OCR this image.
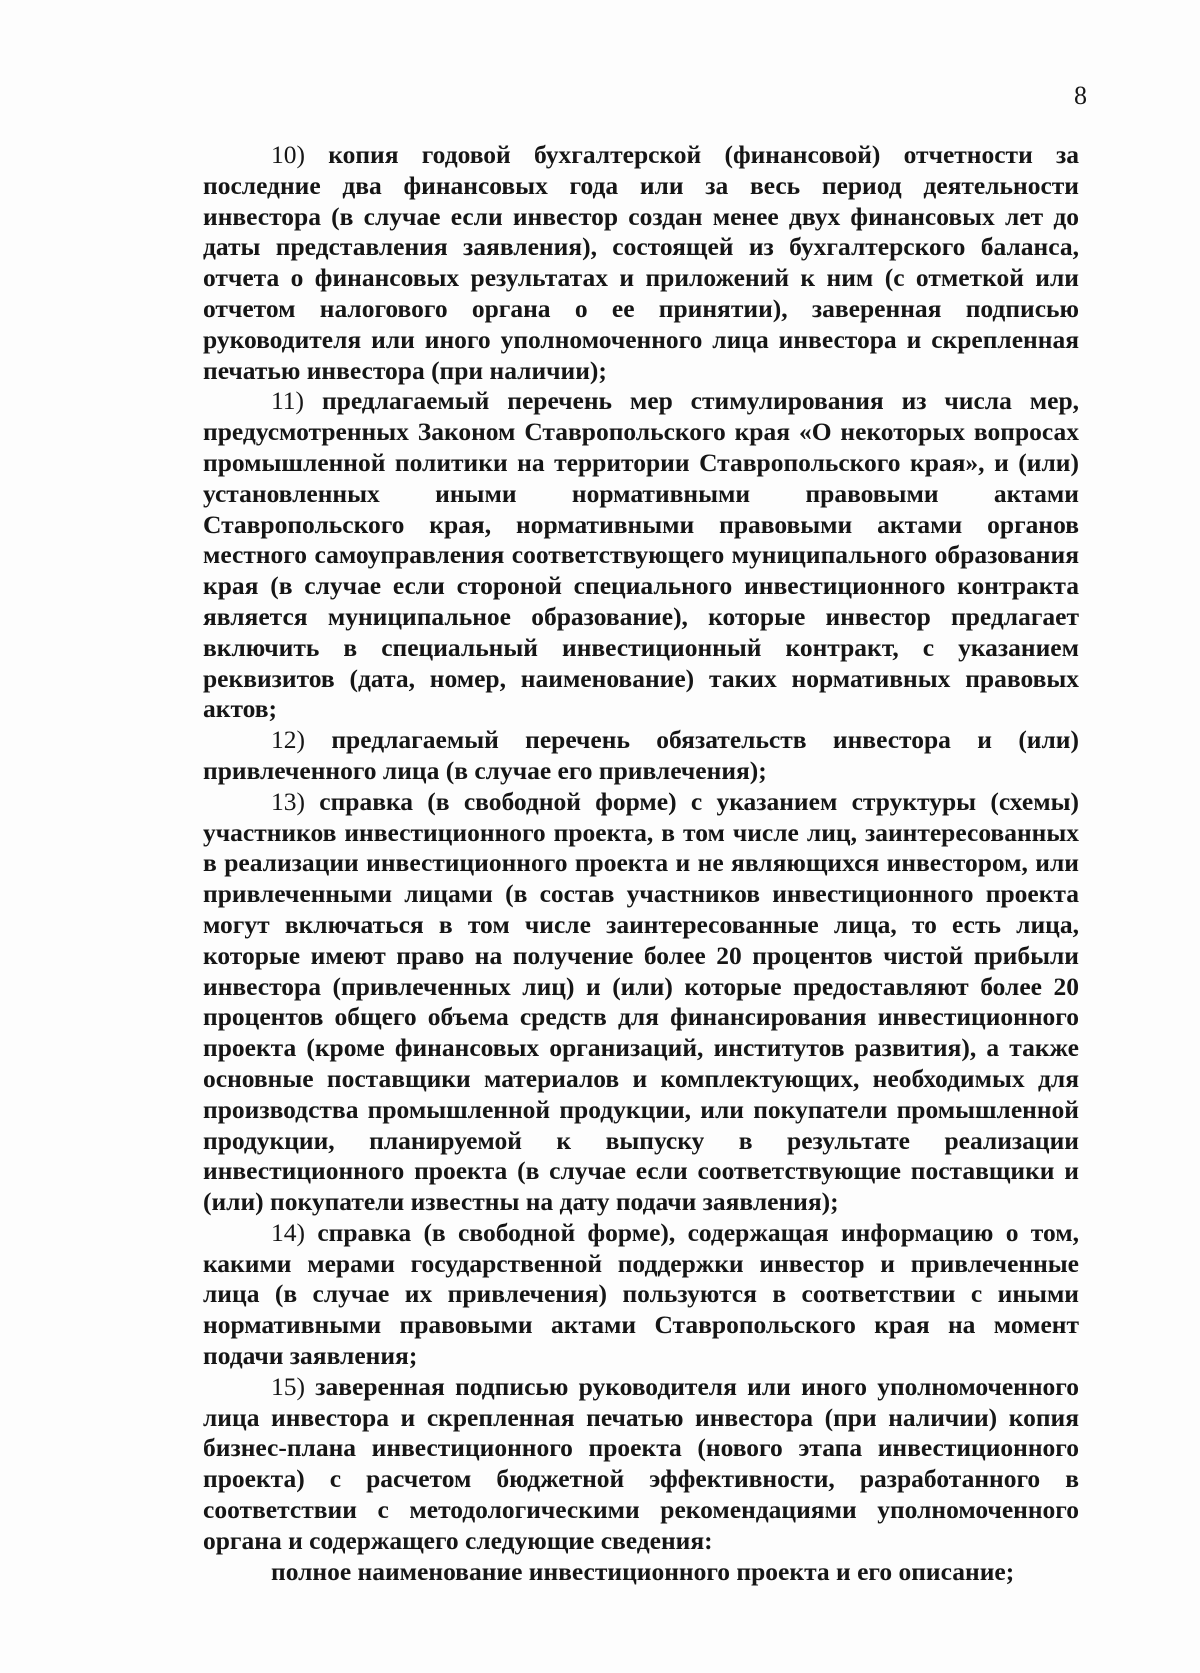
8

10) копия годовой бухгалтерской (финансовой) отчетности за последние два финансовых года или за весь период деятельности инвестора (в случае если инвестор создан менее двух финансовых лет до даты представления заявления), состоящей из бухгалтерского баланса, отчета о финансовых результатах и приложений к ним (с отметкой или отчетом налогового органа о ее принятии), заверенная подписью руководителя или иного уполномоченного лица инвестора и скрепленная печатью инвестора (при наличии);

11) предлагаемый перечень мер стимулирования из числа мер, предусмотренных Законом Ставропольского края «О некоторых вопросах промышленной политики на территории Ставропольского края», и (или) установленных иными нормативными правовыми актами Ставропольского края, нормативными правовыми актами органов местного самоуправления соответствующего муниципального образования края (в случае если стороной специального инвестиционного контракта является муниципальное образование), которые инвестор предлагает включить в специальный инвестиционный контракт, с указанием реквизитов (дата, номер, наименование) таких нормативных правовых актов;

12) предлагаемый перечень обязательств инвестора и (или) привлеченного лица (в случае его привлечения);

13) справка (в свободной форме) с указанием структуры (схемы) участников инвестиционного проекта, в том числе лиц, заинтересованных в реализации инвестиционного проекта и не являющихся инвестором, или привлеченными лицами (в состав участников инвестиционного проекта могут включаться в том числе заинтересованные лица, то есть лица, которые имеют право на получение более 20 процентов чистой прибыли инвестора (привлеченных лиц) и (или) которые предоставляют более 20 процентов общего объема средств для финансирования инвестиционного проекта (кроме финансовых организаций, институтов развития), а также основные поставщики материалов и комплектующих, необходимых для производства промышленной продукции, или покупатели промышленной продукции, планируемой к выпуску в результате реализации инвестиционного проекта (в случае если соответствующие поставщики и (или) покупатели известны на дату подачи заявления);

14) справка (в свободной форме), содержащая информацию о том, какими мерами государственной поддержки инвестор и привлеченные лица (в случае их привлечения) пользуются в соответствии с иными нормативными правовыми актами Ставропольского края на момент подачи заявления;

15) заверенная подписью руководителя или иного уполномоченного лица инвестора и скрепленная печатью инвестора (при наличии) копия бизнес-плана инвестиционного проекта (нового этапа инвестиционного проекта) с расчетом бюджетной эффективности, разработанного в соответствии с методологическими рекомендациями уполномоченного органа и содержащего следующие сведения:

полное наименование инвестиционного проекта и его описание;
